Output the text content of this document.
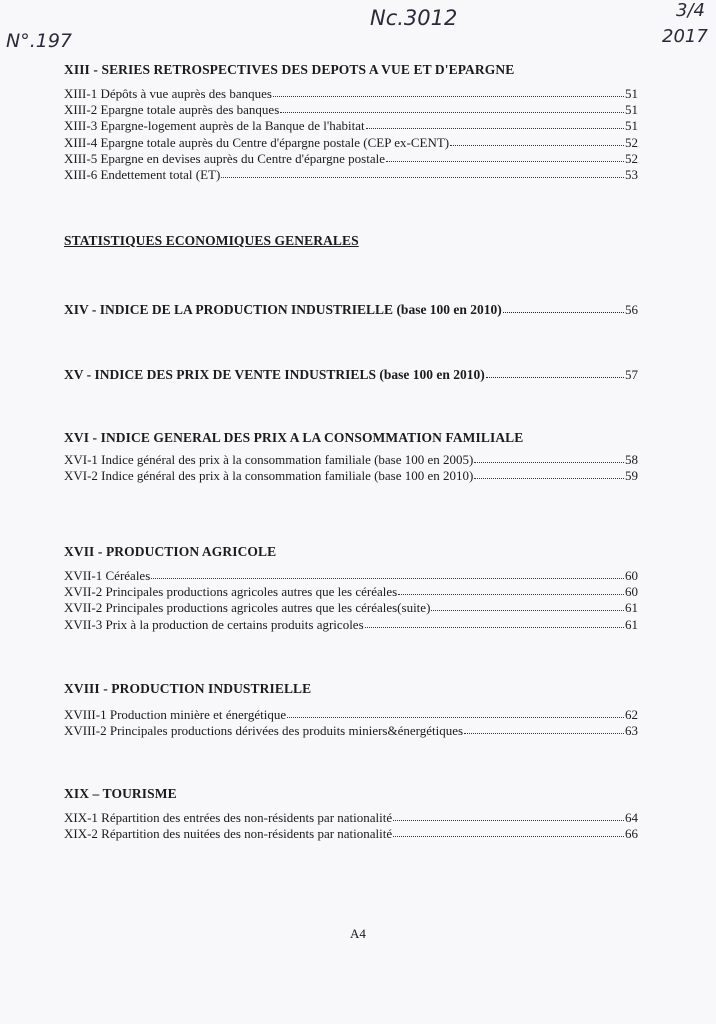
N°.197
Nc.3012	3/4
2017

XIII - SERIES RETROSPECTIVES DES DEPOTS A VUE ET D'EPARGNE

XIII-1 Dépôts à vue auprès des banques	51
XIII-2 Epargne totale auprès des banques	51
XIII-3 Epargne-logement auprès de la Banque de l'habitat	51
XIII-4 Epargne totale auprès du Centre d'épargne postale (CEP ex-CENT)	52
XIII-5 Epargne en devises auprès du Centre d'épargne postale	52
XIII-6 Endettement total (ET)	53

STATISTIQUES ECONOMIQUES GENERALES

XIV - INDICE DE LA PRODUCTION INDUSTRIELLE (base 100 en 2010)	56
XV - INDICE DES PRIX DE VENTE INDUSTRIELS (base 100 en 2010)	57

XVI - INDICE GENERAL DES PRIX A LA CONSOMMATION FAMILIALE

XVI-1 Indice général des prix à la consommation familiale (base 100 en 2005)	58
XVI-2 Indice général des prix à la consommation familiale (base 100 en 2010)	59

XVII - PRODUCTION AGRICOLE

XVII-1 Céréales	60
XVII-2 Principales productions agricoles autres que les céréales	60
XVII-2 Principales productions agricoles autres que les céréales(suite)	61
XVII-3 Prix à la production de certains produits agricoles	61

XVIII - PRODUCTION INDUSTRIELLE

XVIII-1 Production minière et énergétique	62
XVIII-2 Principales productions dérivées des produits miniers&énergétiques	63

XIX – TOURISME

XIX-1 Répartition des entrées des non-résidents par nationalité	64
XIX-2 Répartition des nuitées des non-résidents par nationalité	66
A4
